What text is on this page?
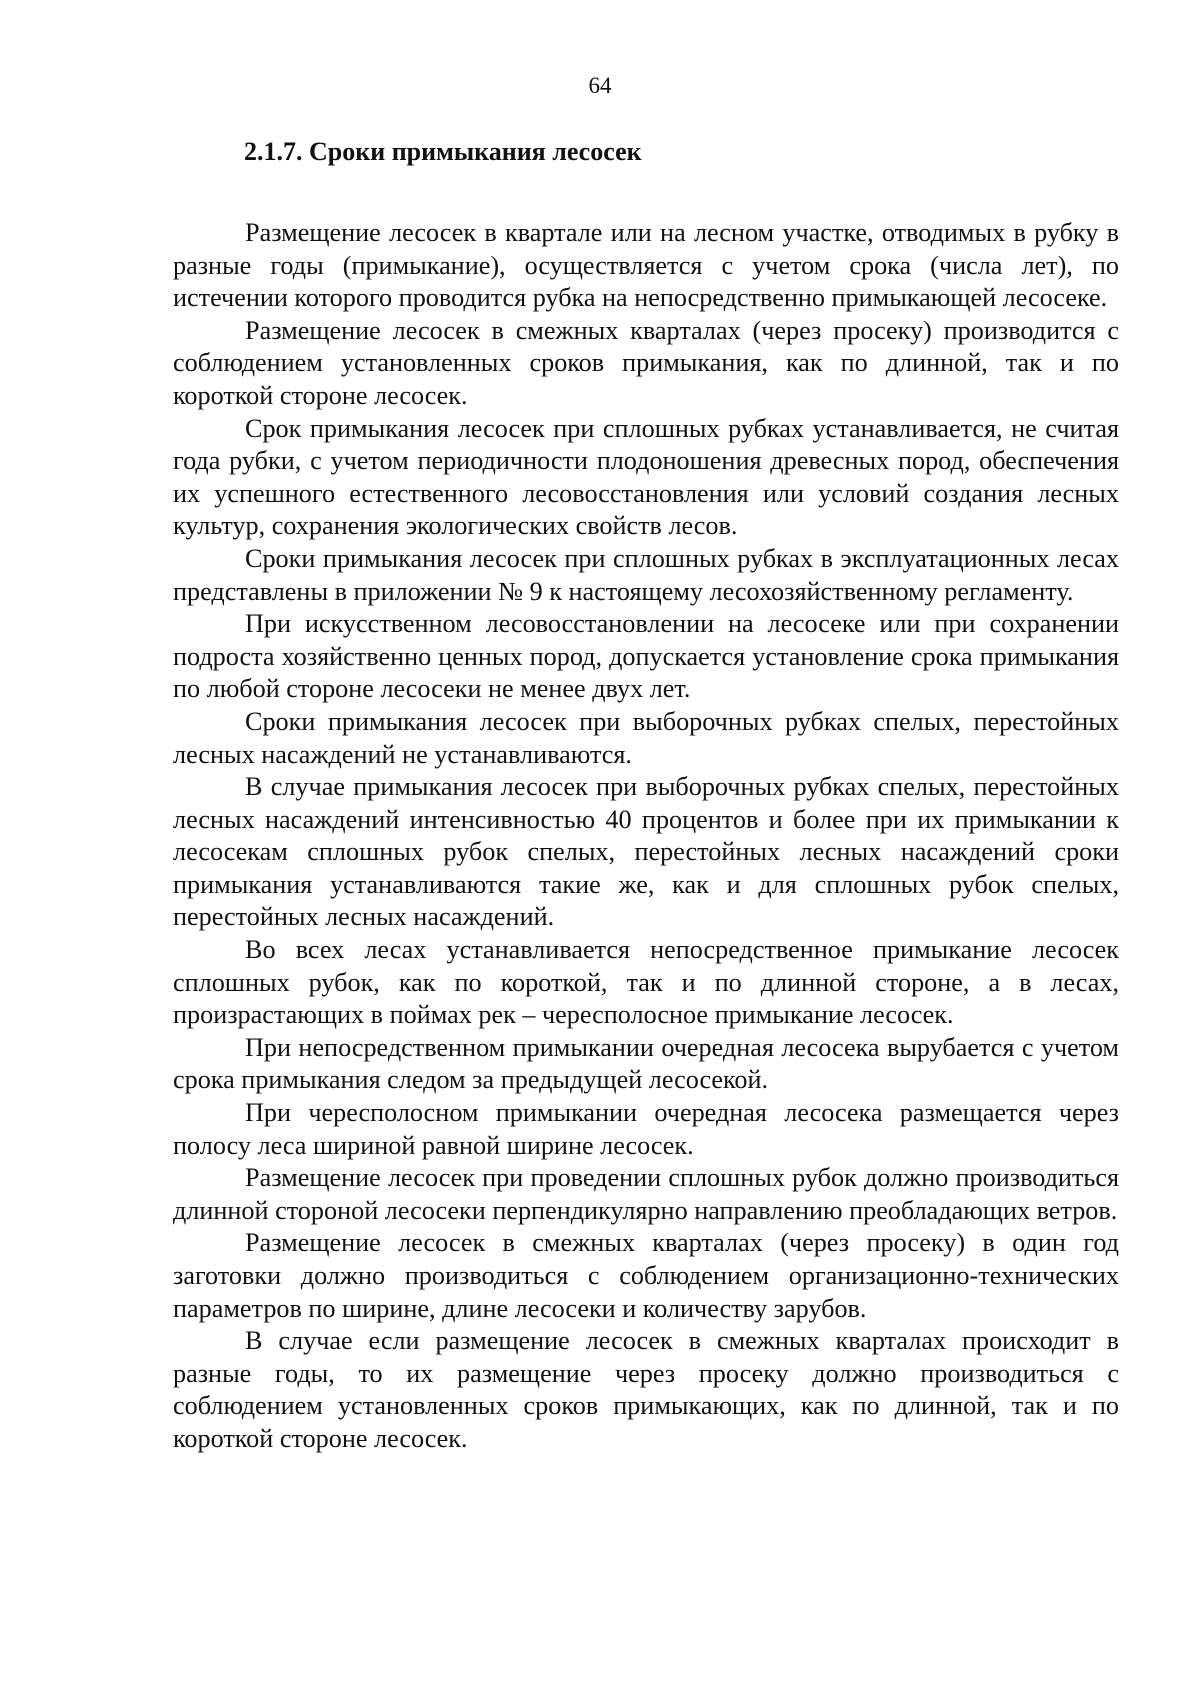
64
2.1.7. Сроки примыкания лесосек

Размещение лесосек в квартале или на лесном участке, отводимых в рубку в разные годы (примыкание), осуществляется с учетом срока (числа лет), по истечении которого проводится рубка на непосредственно примыкающей лесосеке.

Размещение лесосек в смежных кварталах (через просеку) производится с соблюдением установленных сроков примыкания, как по длинной, так и по короткой стороне лесосек.

Срок примыкания лесосек при сплошных рубках устанавливается, не считая года рубки, с учетом периодичности плодоношения древесных пород, обеспечения их успешного естественного лесовосстановления или условий создания лесных культур, сохранения экологических свойств лесов.

Сроки примыкания лесосек при сплошных рубках в эксплуатационных лесах представлены в приложении № 9 к настоящему лесохозяйственному регламенту.

При искусственном лесовосстановлении на лесосеке или при сохранении подроста хозяйственно ценных пород, допускается установление срока примыкания по любой стороне лесосеки не менее двух лет.

Сроки примыкания лесосек при выборочных рубках спелых, перестойных лесных насаждений не устанавливаются.

В случае примыкания лесосек при выборочных рубках спелых, перестойных лесных насаждений интенсивностью 40 процентов и более при их примыкании к лесосекам сплошных рубок спелых, перестойных лесных насаждений сроки примыкания устанавливаются такие же, как и для сплошных рубок спелых, перестойных лесных насаждений.

Во всех лесах устанавливается непосредственное примыкание лесосек сплошных рубок, как по короткой, так и по длинной стороне, а в лесах, произрастающих в поймах рек – чересполосное примыкание лесосек.

При непосредственном примыкании очередная лесосека вырубается с учетом срока примыкания следом за предыдущей лесосекой.

При чересполосном примыкании очередная лесосека размещается через полосу леса шириной равной ширине лесосек.

Размещение лесосек при проведении сплошных рубок должно производиться длинной стороной лесосеки перпендикулярно направлению преобладающих ветров.

Размещение лесосек в смежных кварталах (через просеку) в один год заготовки должно производиться с соблюдением организационно-технических параметров по ширине, длине лесосеки и количеству зарубов.

В случае если размещение лесосек в смежных кварталах происходит в разные годы, то их размещение через просеку должно производиться с соблюдением установленных сроков примыкающих, как по длинной, так и по короткой стороне лесосек.
